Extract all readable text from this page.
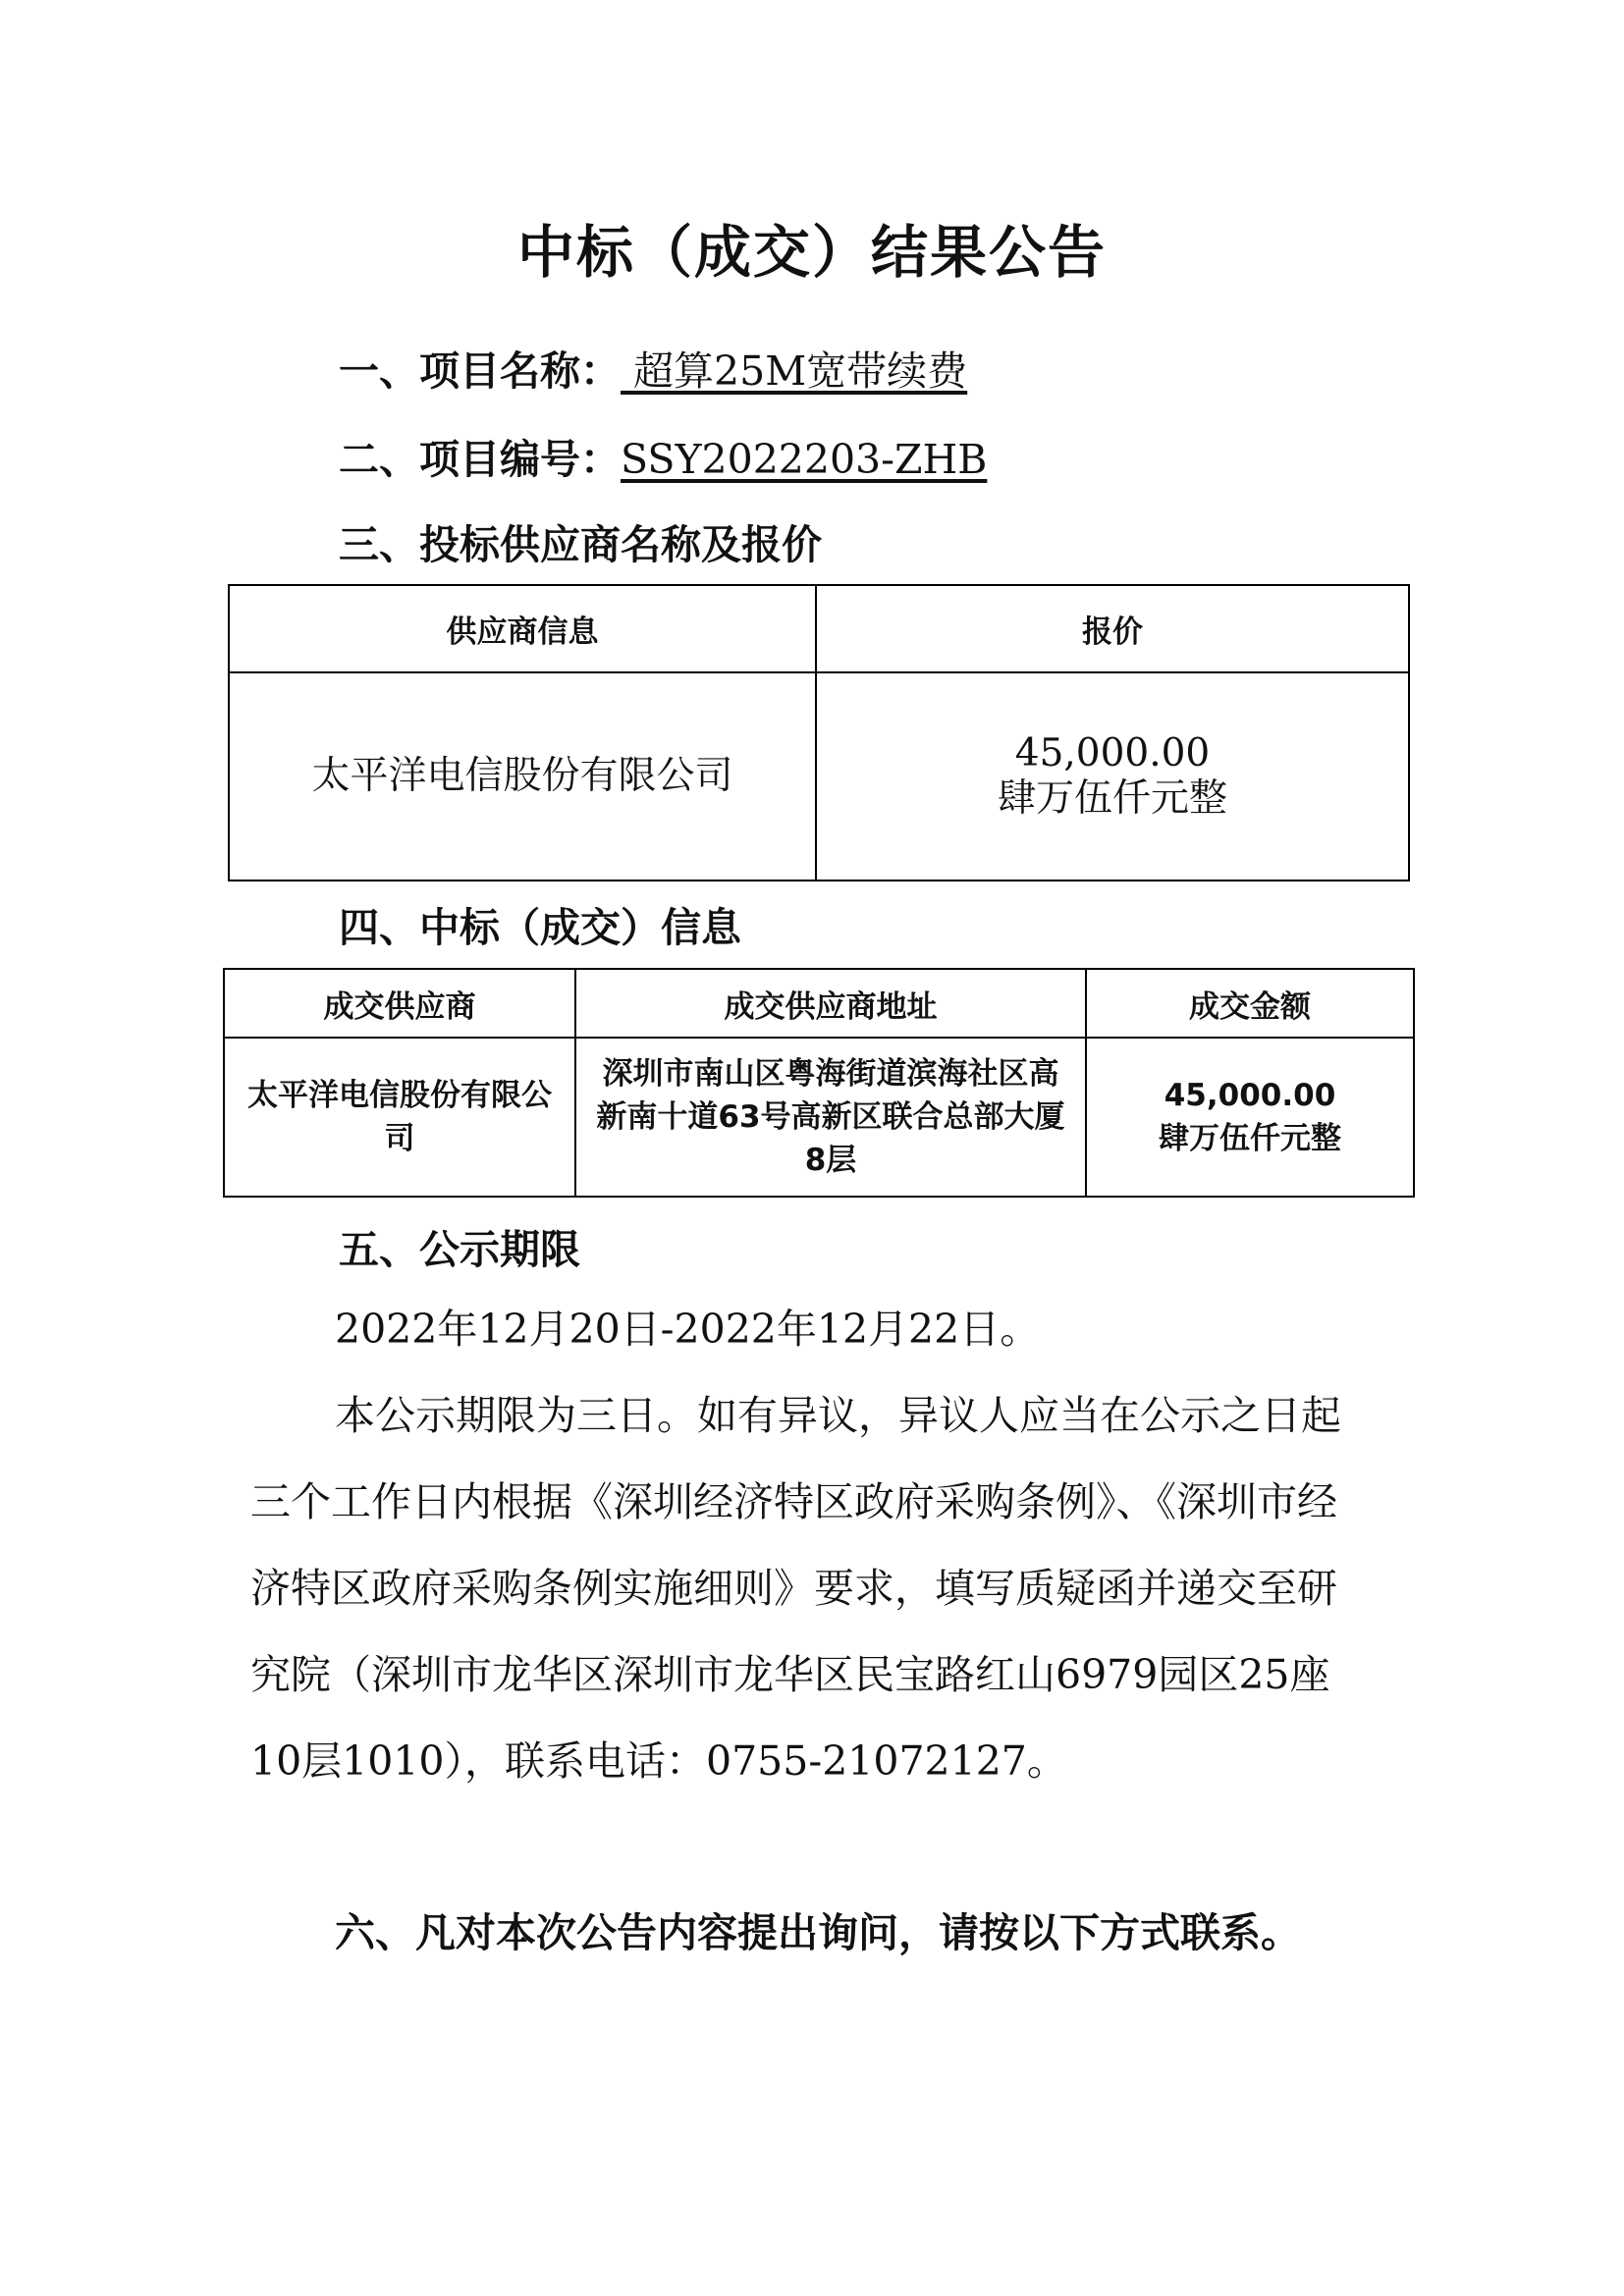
中标（成交）结果公告
一、项目名称： 超算25M宽带续费
二、项目编号：SSY2022203-ZHB
三、投标供应商名称及报价
供应商信息	报价
太平洋电信股份有限公司	45,000.00
肆万伍仟元整
四、中标（成交）信息
成交供应商	成交供应商地址	成交金额
太平洋电信股份有限公司	深圳市南山区粤海街道滨海社区高新南十道63号高新区联合总部大厦8层	45,000.00
肆万伍仟元整
五、公示期限

2022年12月20日-2022年12月22日。

本公示期限为三日。如有异议，异议人应当在公示之日起三个工作日内根据《深圳经济特区政府采购条例》、《深圳市经济特区政府采购条例实施细则》要求，填写质疑函并递交至研究院（深圳市龙华区深圳市龙华区民宝路红山6979园区25座10层1010），联系电话：0755-21072127。

六、凡对本次公告内容提出询问，请按以下方式联系。
